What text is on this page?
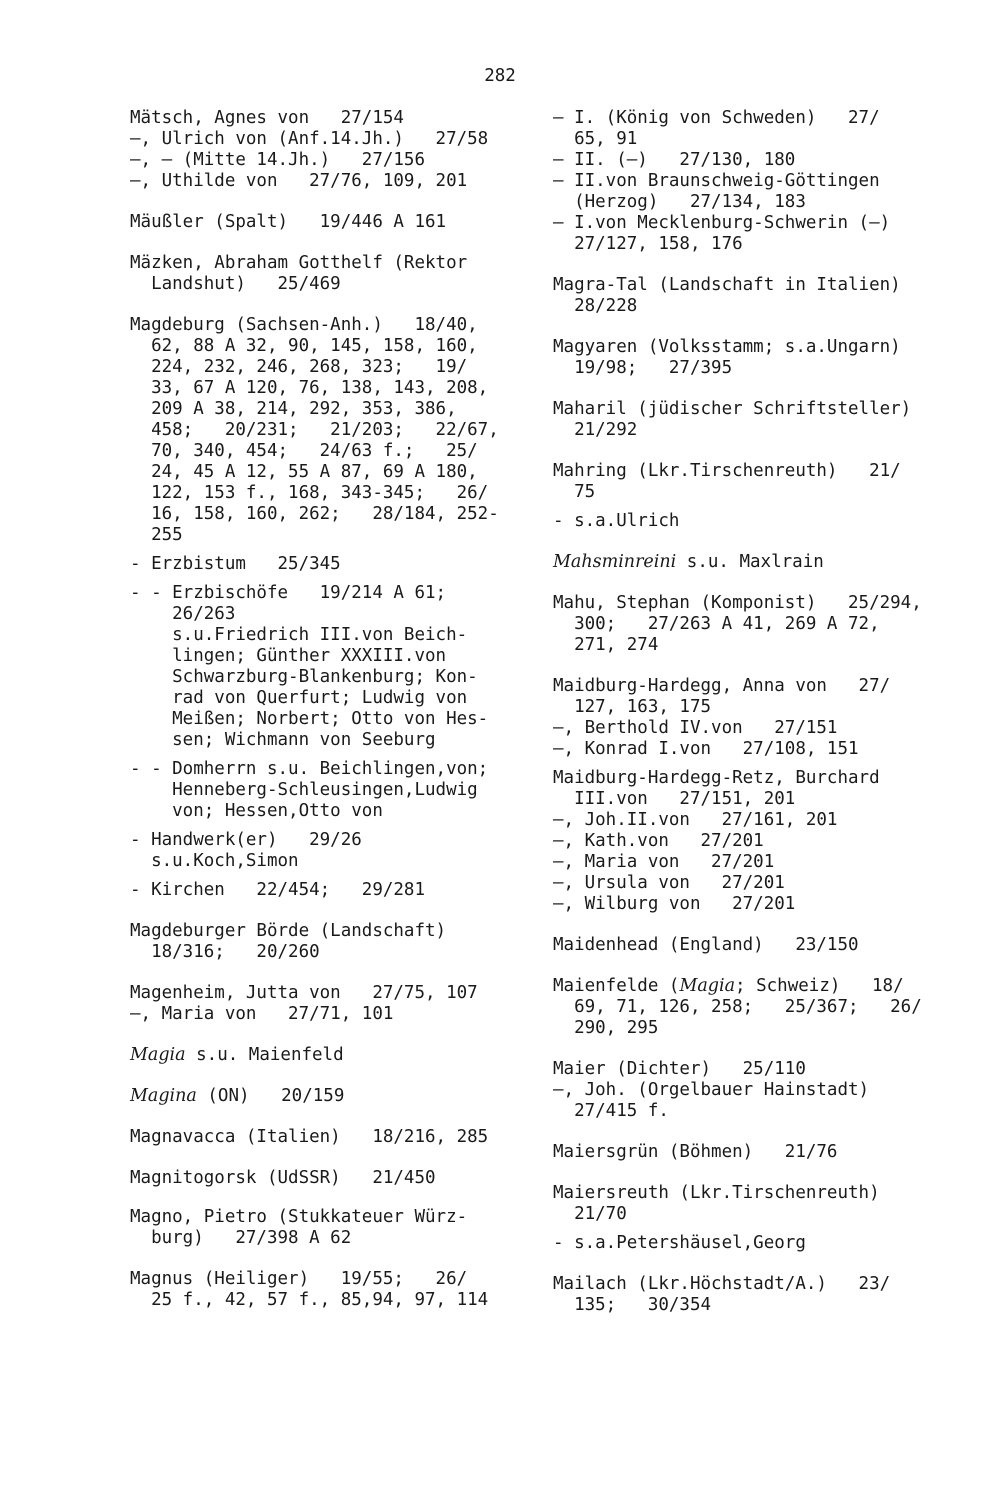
282
Mätsch, Agnes von   27/154
—, Ulrich von (Anf.14.Jh.)   27/58
—, — (Mitte 14.Jh.)   27/156
—, Uthilde von   27/76, 109, 201
Mäußler (Spalt)   19/446 A 161
Mäzken, Abraham Gotthelf (Rektor
Landshut)   25/469
Magdeburg (Sachsen-Anh.)   18/40,
62, 88 A 32, 90, 145, 158, 160,
224, 232, 246, 268, 323;   19/
33, 67 A 120, 76, 138, 143, 208,
209 A 38, 214, 292, 353, 386,
458;   20/231;   21/203;   22/67,
70, 340, 454;   24/63 f.;   25/
24, 45 A 12, 55 A 87, 69 A 180,
122, 153 f., 168, 343-345;   26/
16, 158, 160, 262;   28/184, 252-
255
- Erzbistum   25/345
- - Erzbischöfe   19/214 A 61;
26/263
s.u.Friedrich III.von Beich-
lingen; Günther XXXIII.von
Schwarzburg-Blankenburg; Kon-
rad von Querfurt; Ludwig von
Meißen; Norbert; Otto von Hes-
sen; Wichmann von Seeburg
- - Domherrn s.u. Beichlingen,von;
Henneberg-Schleusingen,Ludwig
von; Hessen,Otto von
- Handwerk(er)   29/26
s.u.Koch,Simon
- Kirchen   22/454;   29/281
Magdeburger Börde (Landschaft)
18/316;   20/260
Magenheim, Jutta von   27/75, 107
—, Maria von   27/71, 101
Magia s.u. Maienfeld
Magina (ON)   20/159
Magnavacca (Italien)   18/216, 285
Magnitogorsk (UdSSR)   21/450
Magno, Pietro (Stukkateuer Würz-
burg)   27/398 A 62
Magnus (Heiliger)   19/55;   26/
25 f., 42, 57 f., 85,94, 97, 114
— I. (König von Schweden)   27/
65, 91
— II. (—)   27/130, 180
— II.von Braunschweig-Göttingen
(Herzog)   27/134, 183
— I.von Mecklenburg-Schwerin (—)
27/127, 158, 176
Magra-Tal (Landschaft in Italien)
28/228
Magyaren (Volksstamm; s.a.Ungarn)
19/98;   27/395
Maharil (jüdischer Schriftsteller)
21/292
Mahring (Lkr.Tirschenreuth)   21/
75
- s.a.Ulrich
Mahsminreini s.u. Maxlrain
Mahu, Stephan (Komponist)   25/294,
300;   27/263 A 41, 269 A 72,
271, 274
Maidburg-Hardegg, Anna von   27/
127, 163, 175
—, Berthold IV.von   27/151
—, Konrad I.von   27/108, 151
Maidburg-Hardegg-Retz, Burchard
III.von   27/151, 201
—, Joh.II.von   27/161, 201
—, Kath.von   27/201
—, Maria von   27/201
—, Ursula von   27/201
—, Wilburg von   27/201
Maidenhead (England)   23/150
Maienfelde (Magia; Schweiz)   18/
69, 71, 126, 258;   25/367;   26/
290, 295
Maier (Dichter)   25/110
—, Joh. (Orgelbauer Hainstadt)
27/415 f.
Maiersgrün (Böhmen)   21/76
Maiersreuth (Lkr.Tirschenreuth)
21/70
- s.a.Petershäusel,Georg
Mailach (Lkr.Höchstadt/A.)   23/
135;   30/354
